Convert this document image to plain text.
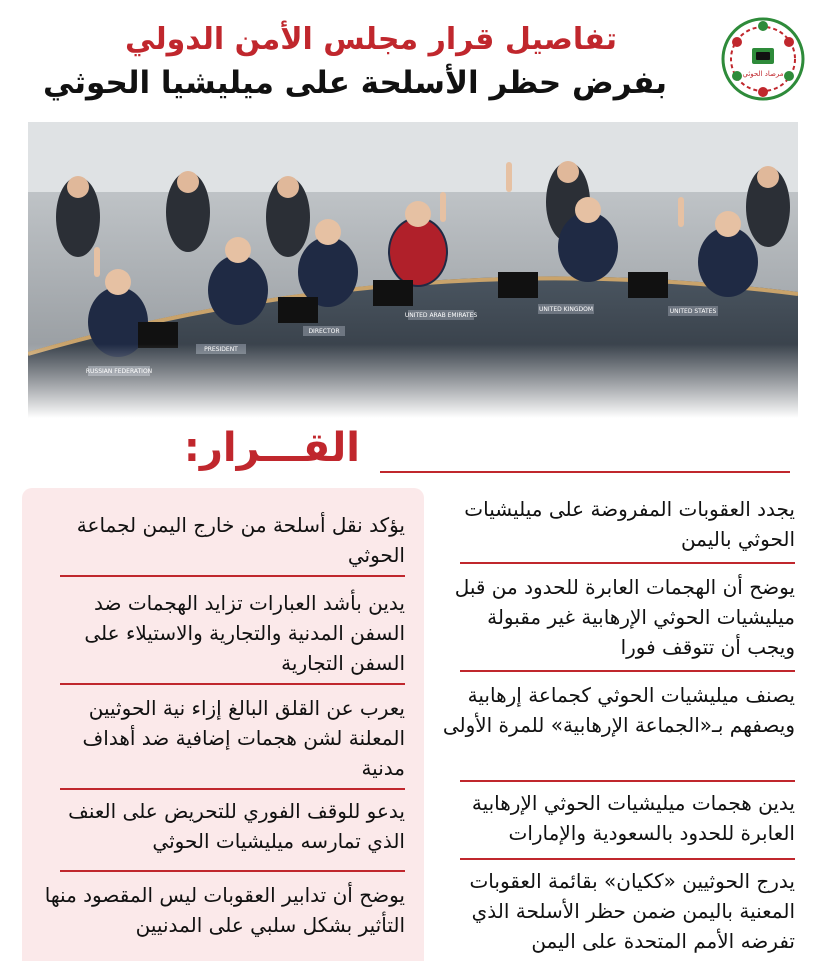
تفاصيل قرار مجلس الأمن الدولي
بفرض حظر الأسلحة على ميليشيا الحوثي	مرصاد الحوثي
القـــرار:
يؤكد نقل أسلحة من خارج اليمن لجماعة الحوثي
يدين بأشد العبارات تزايد الهجمات ضد السفن المدنية والتجارية والاستيلاء على السفن التجارية
يعرب عن القلق البالغ إزاء نية الحوثيين المعلنة لشن هجمات إضافية ضد أهداف مدنية
يدعو للوقف الفوري للتحريض على العنف الذي تمارسه ميليشيات الحوثي
يوضح أن تدابير العقوبات ليس المقصود منها التأثير بشكل سلبي على المدنيين
يجدد العقوبات المفروضة على ميليشيات الحوثي باليمن
يوضح أن الهجمات العابرة للحدود من قبل ميليشيات الحوثي الإرهابية غير مقبولة ويجب أن تتوقف فورا
يصنف ميليشيات الحوثي كجماعة إرهابية ويصفهم بـ«الجماعة الإرهابية» للمرة الأولى
يدين هجمات ميليشيات الحوثي الإرهابية العابرة للحدود بالسعودية والإمارات
يدرج الحوثيين «ككيان» بقائمة العقوبات المعنية باليمن ضمن حظر الأسلحة الذي تفرضه الأمم المتحدة على اليمن
